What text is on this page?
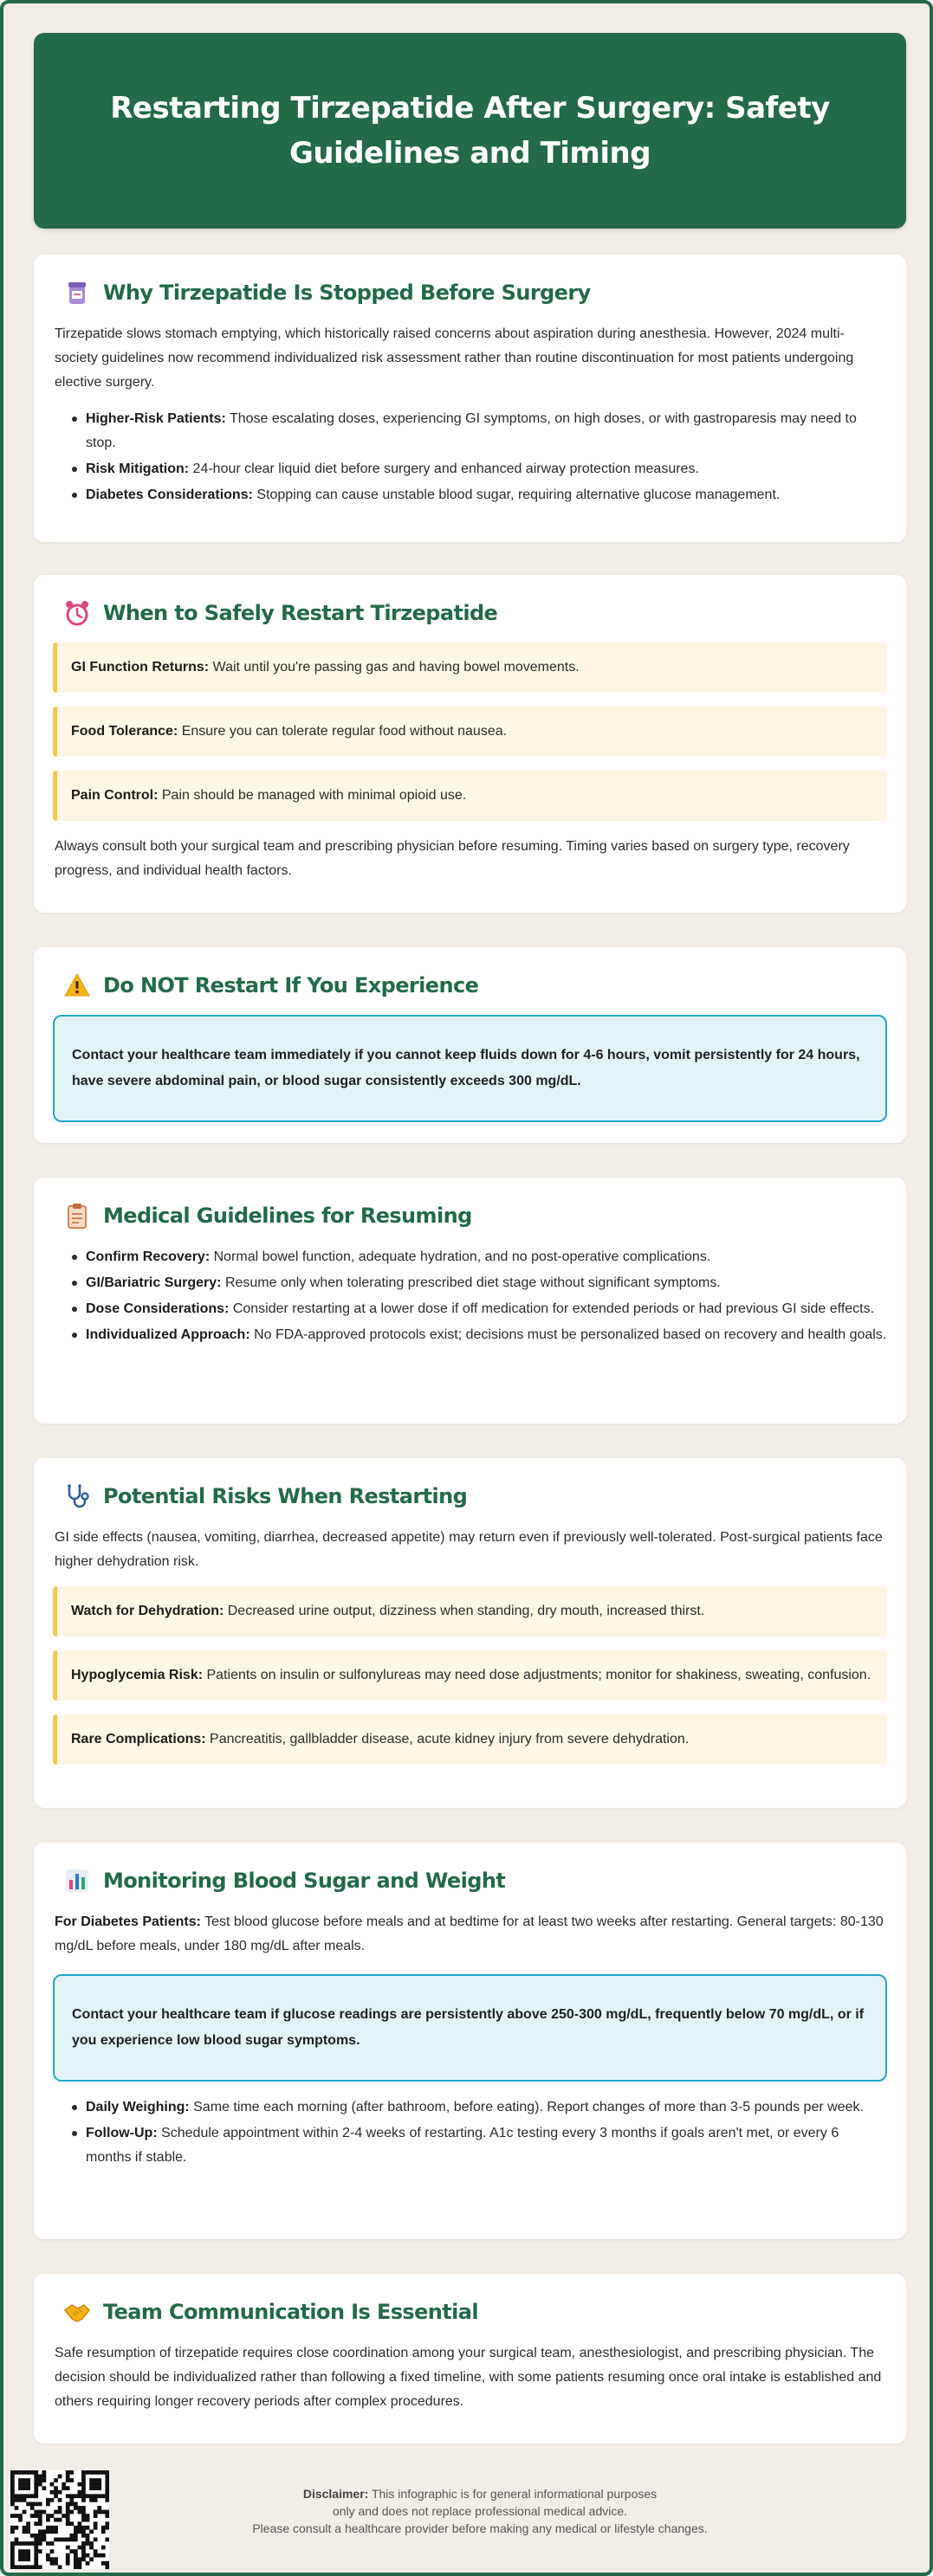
Restarting Tirzepatide After Surgery: Safety Guidelines and Timing
Why Tirzepatide Is Stopped Before Surgery

Tirzepatide slows stomach emptying, which historically raised concerns about aspiration during anesthesia. However, 2024 multi-society guidelines now recommend individualized risk assessment rather than routine discontinuation for most patients undergoing elective surgery.

Higher-Risk Patients: Those escalating doses, experiencing GI symptoms, on high doses, or with gastroparesis may need to stop.
Risk Mitigation: 24-hour clear liquid diet before surgery and enhanced airway protection measures.
Diabetes Considerations: Stopping can cause unstable blood sugar, requiring alternative glucose management.
When to Safely Restart Tirzepatide
GI Function Returns: Wait until you're passing gas and having bowel movements.
Food Tolerance: Ensure you can tolerate regular food without nausea.
Pain Control: Pain should be managed with minimal opioid use.

Always consult both your surgical team and prescribing physician before resuming. Timing varies based on surgery type, recovery progress, and individual health factors.

Do NOT Restart If You Experience
Contact your healthcare team immediately if you cannot keep fluids down for 4-6 hours, vomit persistently for 24 hours, have severe abdominal pain, or blood sugar consistently exceeds 300 mg/dL.
Medical Guidelines for Resuming
Confirm Recovery: Normal bowel function, adequate hydration, and no post-operative complications.
GI/Bariatric Surgery: Resume only when tolerating prescribed diet stage without significant symptoms.
Dose Considerations: Consider restarting at a lower dose if off medication for extended periods or had previous GI side effects.
Individualized Approach: No FDA-approved protocols exist; decisions must be personalized based on recovery and health goals.
Potential Risks When Restarting

GI side effects (nausea, vomiting, diarrhea, decreased appetite) may return even if previously well-tolerated. Post-surgical patients face higher dehydration risk.

Watch for Dehydration: Decreased urine output, dizziness when standing, dry mouth, increased thirst.
Hypoglycemia Risk: Patients on insulin or sulfonylureas may need dose adjustments; monitor for shakiness, sweating, confusion.
Rare Complications: Pancreatitis, gallbladder disease, acute kidney injury from severe dehydration.
Monitoring Blood Sugar and Weight

For Diabetes Patients: Test blood glucose before meals and at bedtime for at least two weeks after restarting. General targets: 80-130 mg/dL before meals, under 180 mg/dL after meals.

Contact your healthcare team if glucose readings are persistently above 250-300 mg/dL, frequently below 70 mg/dL, or if you experience low blood sugar symptoms.
Daily Weighing: Same time each morning (after bathroom, before eating). Report changes of more than 3-5 pounds per week.
Follow-Up: Schedule appointment within 2-4 weeks of restarting. A1c testing every 3 months if goals aren't met, or every 6 months if stable.
Team Communication Is Essential

Safe resumption of tirzepatide requires close coordination among your surgical team, anesthesiologist, and prescribing physician. The decision should be individualized rather than following a fixed timeline, with some patients resuming once oral intake is established and others requiring longer recovery periods after complex procedures.

Disclaimer: This infographic is for general informational purposes
only and does not replace professional medical advice.
Please consult a healthcare provider before making any medical or lifestyle changes.
